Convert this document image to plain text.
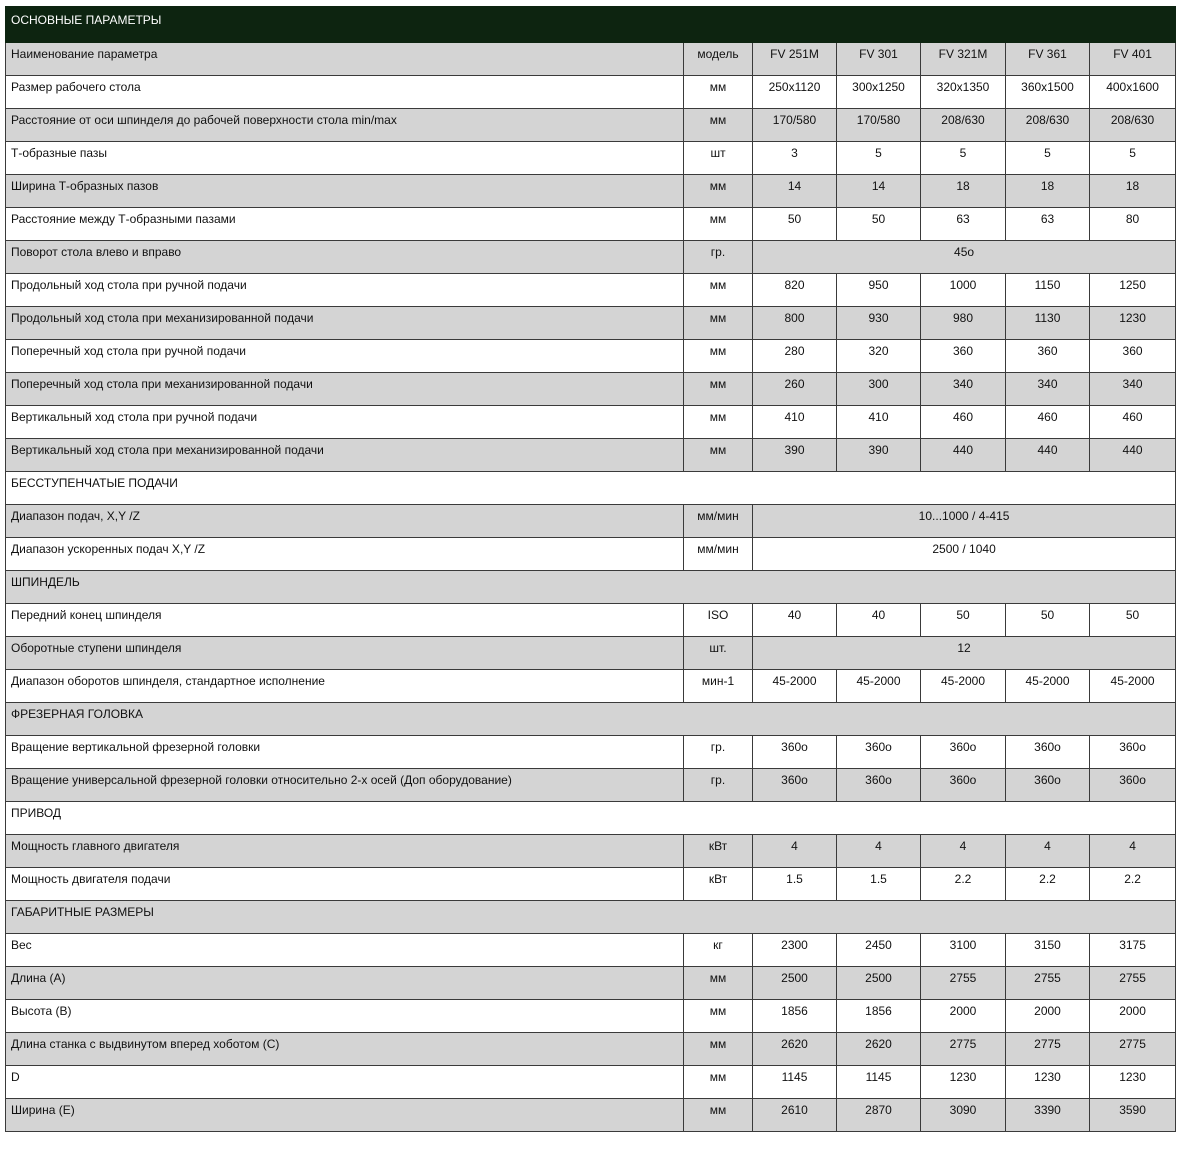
ОСНОВНЫЕ ПАРАМЕТРЫ						
Наименование параметра	модель	FV 251M	FV 301	FV 321M	FV 361	FV 401
Размер рабочего стола	мм	250x1120	300x1250	320x1350	360x1500	400x1600
Расстояние от оси шпинделя до рабочей поверхности стола min/max	мм	170/580	170/580	208/630	208/630	208/630
Т-образные пазы	шт	3	5	5	5	5
Ширина Т-образных пазов	мм	14	14	18	18	18
Расстояние между Т-образными пазами	мм	50	50	63	63	80
Поворот стола влево и вправо	гр.	45о				
Продольный ход стола при ручной подачи	мм	820	950	1000	1150	1250
Продольный ход стола при механизированной подачи	мм	800	930	980	1130	1230
Поперечный ход стола при ручной подачи	мм	280	320	360	360	360
Поперечный ход стола при механизированной подачи	мм	260	300	340	340	340
Вертикальный ход стола при ручной подачи	мм	410	410	460	460	460
Вертикальный ход стола при механизированной подачи	мм	390	390	440	440	440
БЕССТУПЕНЧАТЫЕ ПОДАЧИ						
Диапазон подач, X,Y /Z	мм/мин	10...1000 / 4-415				
Диапазон ускоренных подач X,Y /Z	мм/мин	2500 / 1040				
ШПИНДЕЛЬ						
Передний конец шпинделя	ISO	40	40	50	50	50
Оборотные ступени шпинделя	шт.	12				
Диапазон оборотов шпинделя, стандартное исполнение	мин-1	45-2000	45-2000	45-2000	45-2000	45-2000
ФРЕЗЕРНАЯ ГОЛОВКА						
Вращение вертикальной фрезерной головки	гр.	360о	360о	360о	360о	360о
Вращение универсальной фрезерной головки относительно 2-х осей (Доп оборудование)	гр.	360о	360о	360о	360о	360о
ПРИВОД						
Мощность главного двигателя	кВт	4	4	4	4	4
Мощность двигателя подачи	кВт	1.5	1.5	2.2	2.2	2.2
ГАБАРИТНЫЕ РАЗМЕРЫ						
Вес	кг	2300	2450	3100	3150	3175
Длина (А)	мм	2500	2500	2755	2755	2755
Высота (В)	мм	1856	1856	2000	2000	2000
Длина станка с выдвинутом вперед хоботом (С)	мм	2620	2620	2775	2775	2775
D	мм	1145	1145	1230	1230	1230
Ширина (Е)	мм	2610	2870	3090	3390	3590
